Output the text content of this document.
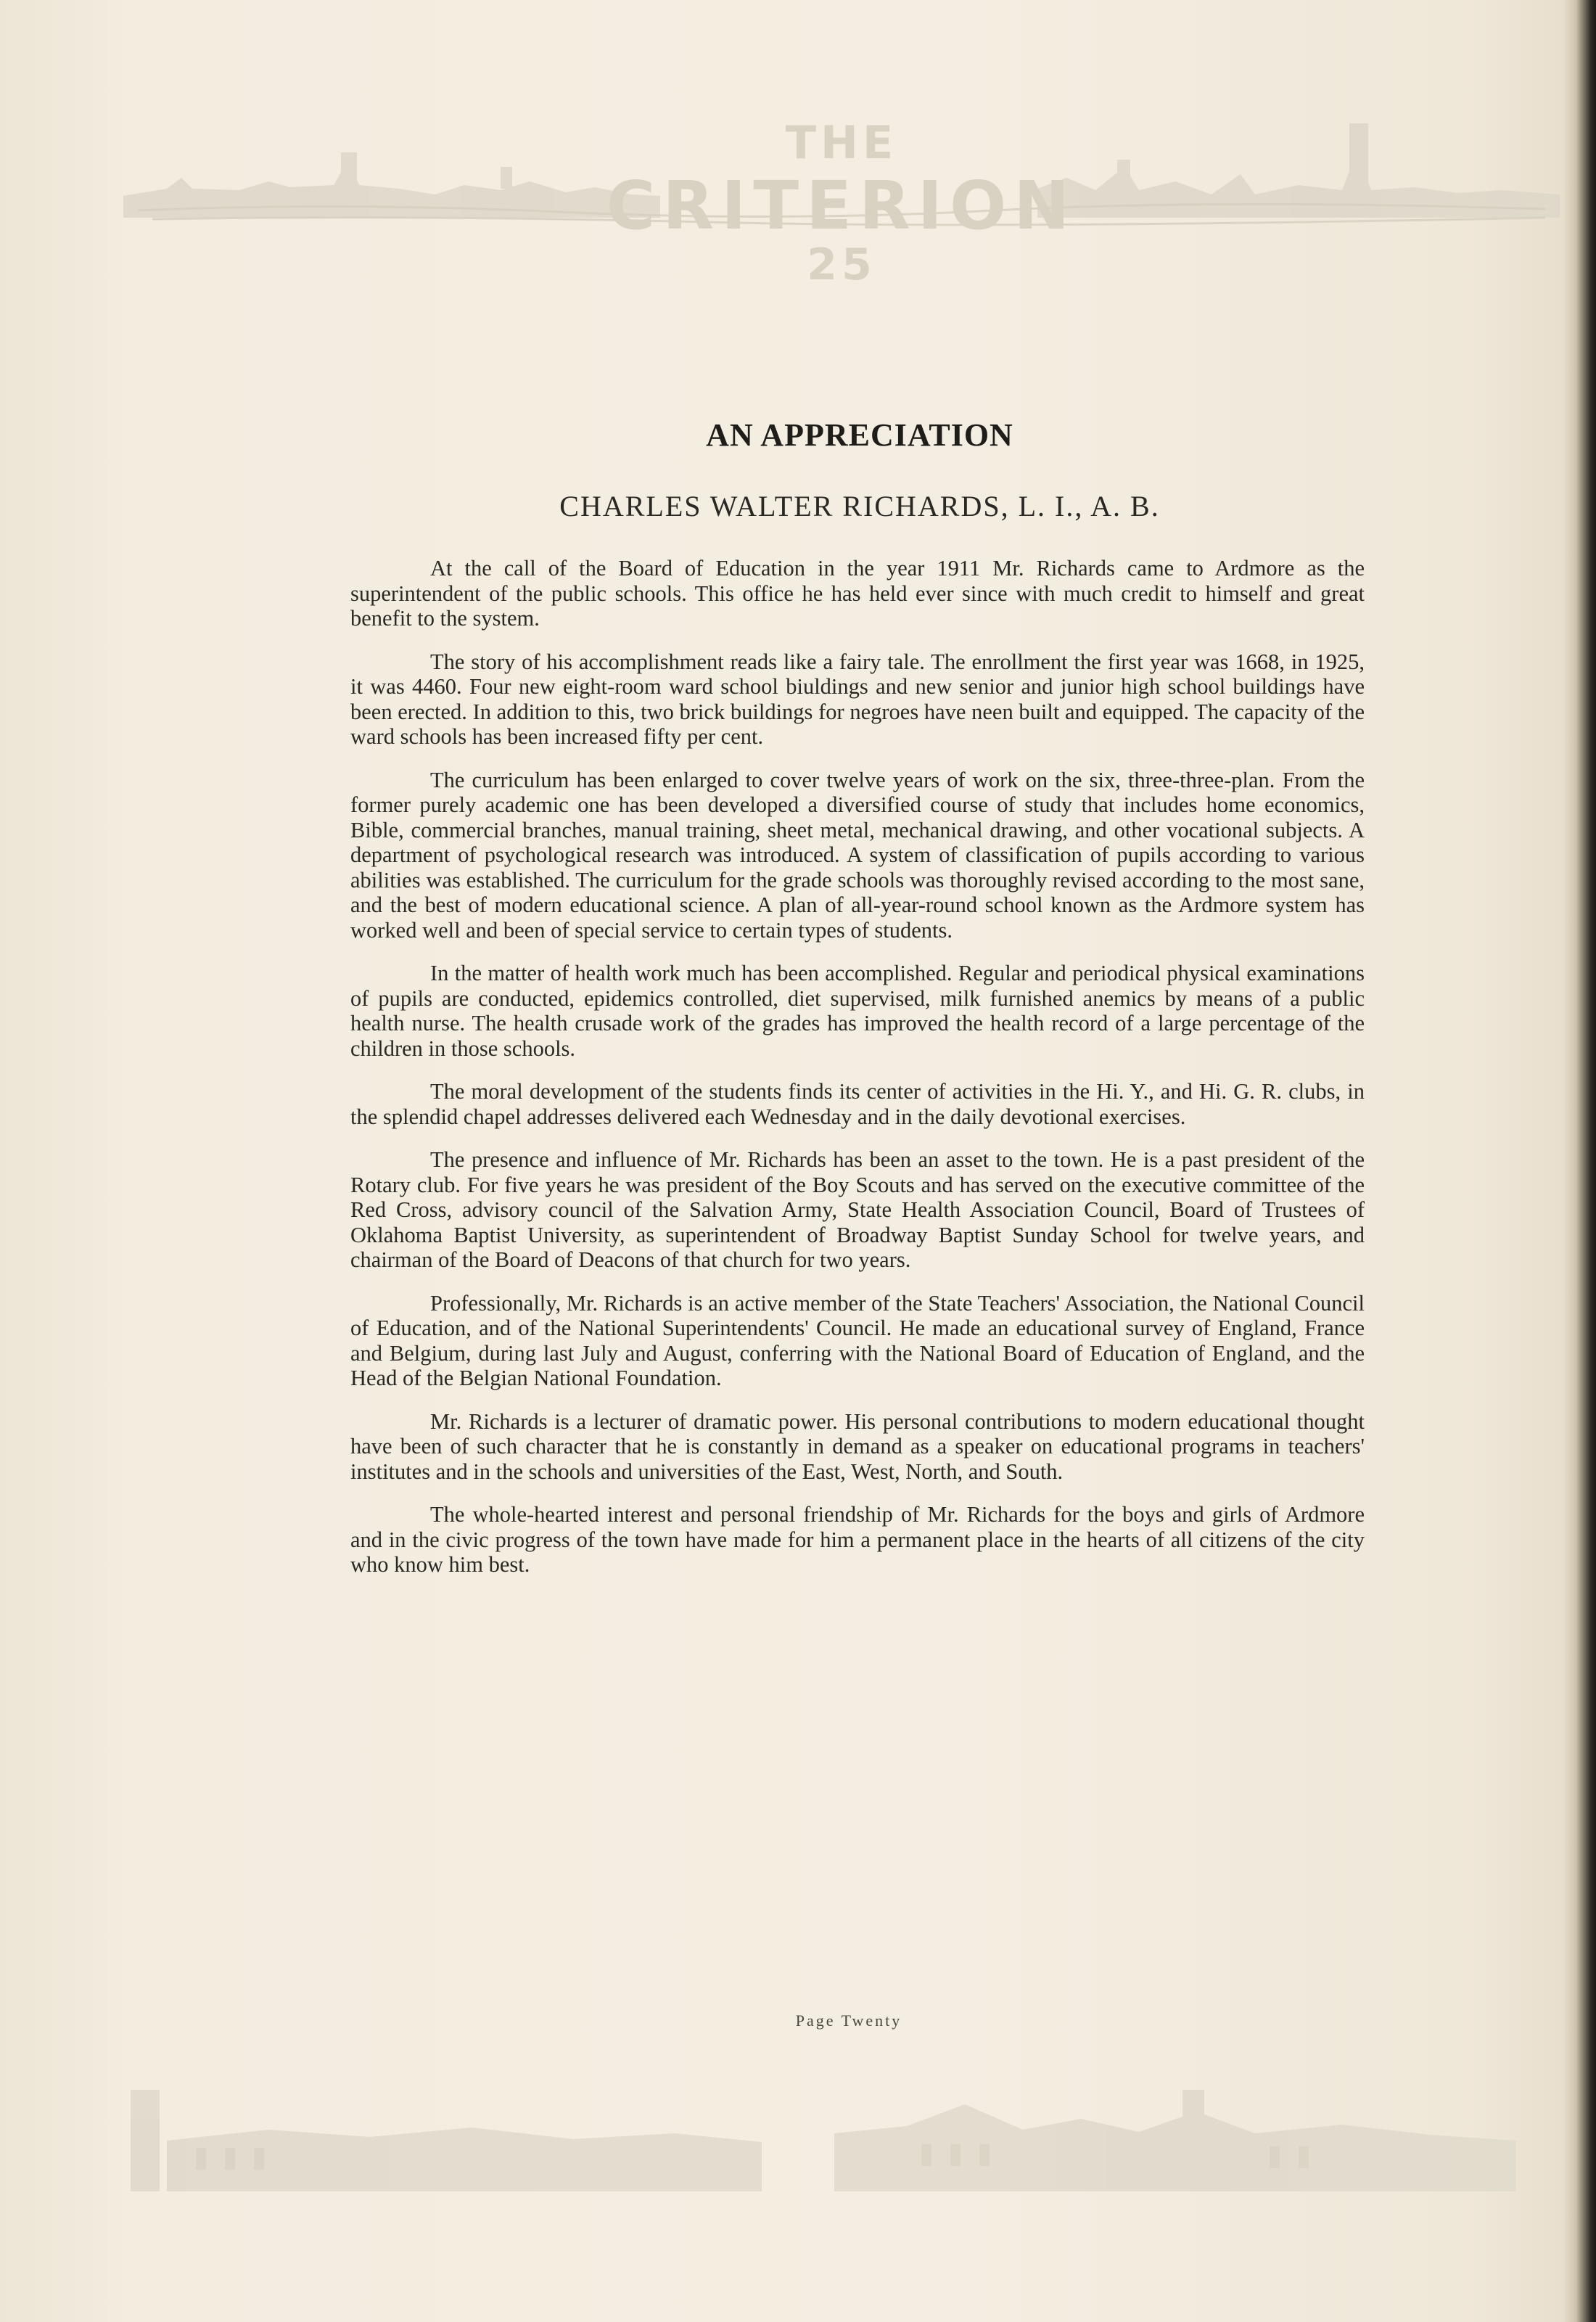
THE
CRITERION
25
AN APPRECIATION
CHARLES WALTER RICHARDS, L. I., A. B.

At the call of the Board of Education in the year 1911 Mr. Richards came to Ardmore as the superintendent of the public schools. This office he has held ever since with much credit to himself and great benefit to the system.

The story of his accomplishment reads like a fairy tale. The enrollment the first year was 1668, in 1925, it was 4460. Four new eight-room ward school biuldings and new senior and junior high school buildings have been erected. In addition to this, two brick buildings for negroes have neen built and equipped. The capacity of the ward schools has been increased fifty per cent.

The curriculum has been enlarged to cover twelve years of work on the six, three-three-plan. From the former purely academic one has been developed a diversified course of study that includes home economics, Bible, commercial branches, manual training, sheet metal, mechanical drawing, and other vocational subjects. A department of psychological research was introduced. A system of classification of pupils according to various abilities was established. The curriculum for the grade schools was thoroughly revised according to the most sane, and the best of modern educational science. A plan of all-year-round school known as the Ardmore system has worked well and been of special service to certain types of students.

In the matter of health work much has been accomplished. Regular and periodical physical examinations of pupils are conducted, epidemics controlled, diet supervised, milk furnished anemics by means of a public health nurse. The health crusade work of the grades has improved the health record of a large percentage of the children in those schools.

The moral development of the students finds its center of activities in the Hi. Y., and Hi. G. R. clubs, in the splendid chapel addresses delivered each Wednesday and in the daily devotional exercises.

The presence and influence of Mr. Richards has been an asset to the town. He is a past president of the Rotary club. For five years he was president of the Boy Scouts and has served on the executive committee of the Red Cross, advisory council of the Salvation Army, State Health Association Council, Board of Trustees of Oklahoma Baptist University, as superintendent of Broadway Baptist Sunday School for twelve years, and chairman of the Board of Deacons of that church for two years.

Professionally, Mr. Richards is an active member of the State Teachers' Association, the National Council of Education, and of the National Superintendents' Council. He made an educational survey of England, France and Belgium, during last July and August, conferring with the National Board of Education of England, and the Head of the Belgian National Foundation.

Mr. Richards is a lecturer of dramatic power. His personal contributions to modern educational thought have been of such character that he is constantly in demand as a speaker on educational programs in teachers' institutes and in the schools and universities of the East, West, North, and South.

The whole-hearted interest and personal friendship of Mr. Richards for the boys and girls of Ardmore and in the civic progress of the town have made for him a permanent place in the hearts of all citizens of the city who know him best.

Page Twenty
